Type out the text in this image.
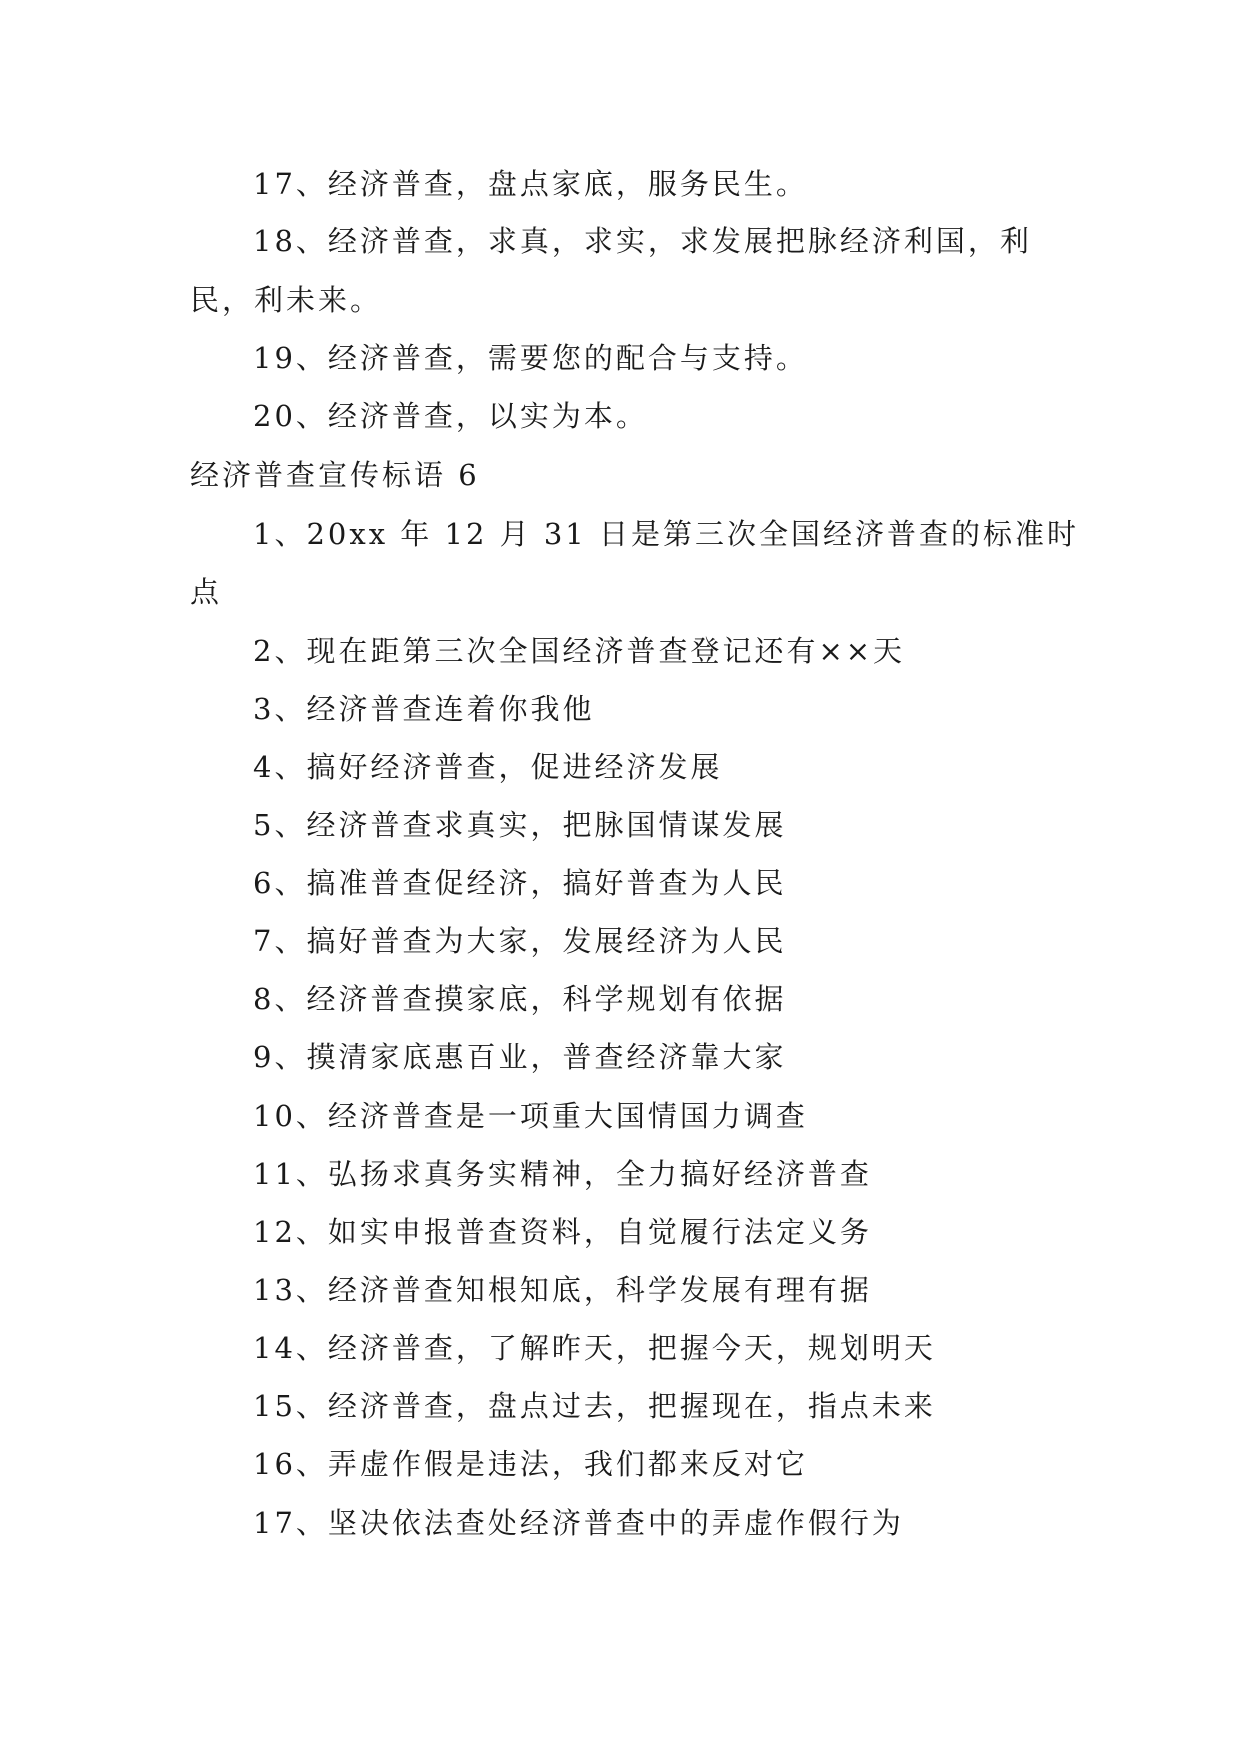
17、经济普查，盘点家底，服务民生。
18、经济普查，求真，求实，求发展把脉经济利国，利
民，利未来。
19、经济普查，需要您的配合与支持。
20、经济普查，以实为本。
经济普查宣传标语 6
1、20xx 年 12 月 31 日是第三次全国经济普查的标准时
点
2、现在距第三次全国经济普查登记还有××天
3、经济普查连着你我他
4、搞好经济普查，促进经济发展
5、经济普查求真实，把脉国情谋发展
6、搞准普查促经济，搞好普查为人民
7、搞好普查为大家，发展经济为人民
8、经济普查摸家底，科学规划有依据
9、摸清家底惠百业，普查经济靠大家
10、经济普查是一项重大国情国力调查
11、弘扬求真务实精神，全力搞好经济普查
12、如实申报普查资料，自觉履行法定义务
13、经济普查知根知底，科学发展有理有据
14、经济普查，了解昨天，把握今天，规划明天
15、经济普查，盘点过去，把握现在，指点未来
16、弄虚作假是违法，我们都来反对它
17、坚决依法查处经济普查中的弄虚作假行为
